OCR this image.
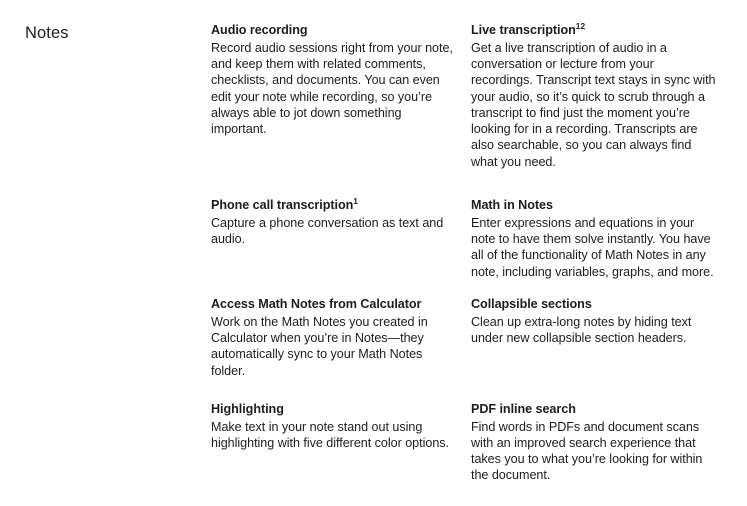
Notes	Audio recording

Record audio sessions right from your note, and keep them with related comments, checklists, and documents. You can even edit your note while recording, so you’re always able to jot down something important.

Live transcription$^{12}$

Get a live transcription of audio in a conversation or lecture from your recordings. Transcript text stays in sync with your audio, so it’s quick to scrub through a transcript to find just the moment you’re looking for in a recording. Transcripts are also searchable, so you can always find what you need.

Phone call transcription$^1$

Capture a phone conversation as text and audio.

Math in Notes

Enter expressions and equations in your note to have them solve instantly. You have all of the functionality of Math Notes in any note, including variables, graphs, and more.

Access Math Notes from Calculator

Work on the Math Notes you created in Calculator when you’re in Notes—they automatically sync to your Math Notes folder.

Collapsible sections

Clean up extra-long notes by hiding text under new collapsible section headers.

Highlighting

Make text in your note stand out using highlighting with five different color options.

PDF inline search

Find words in PDFs and document scans with an improved search experience that takes you to what you’re looking for within the document.
